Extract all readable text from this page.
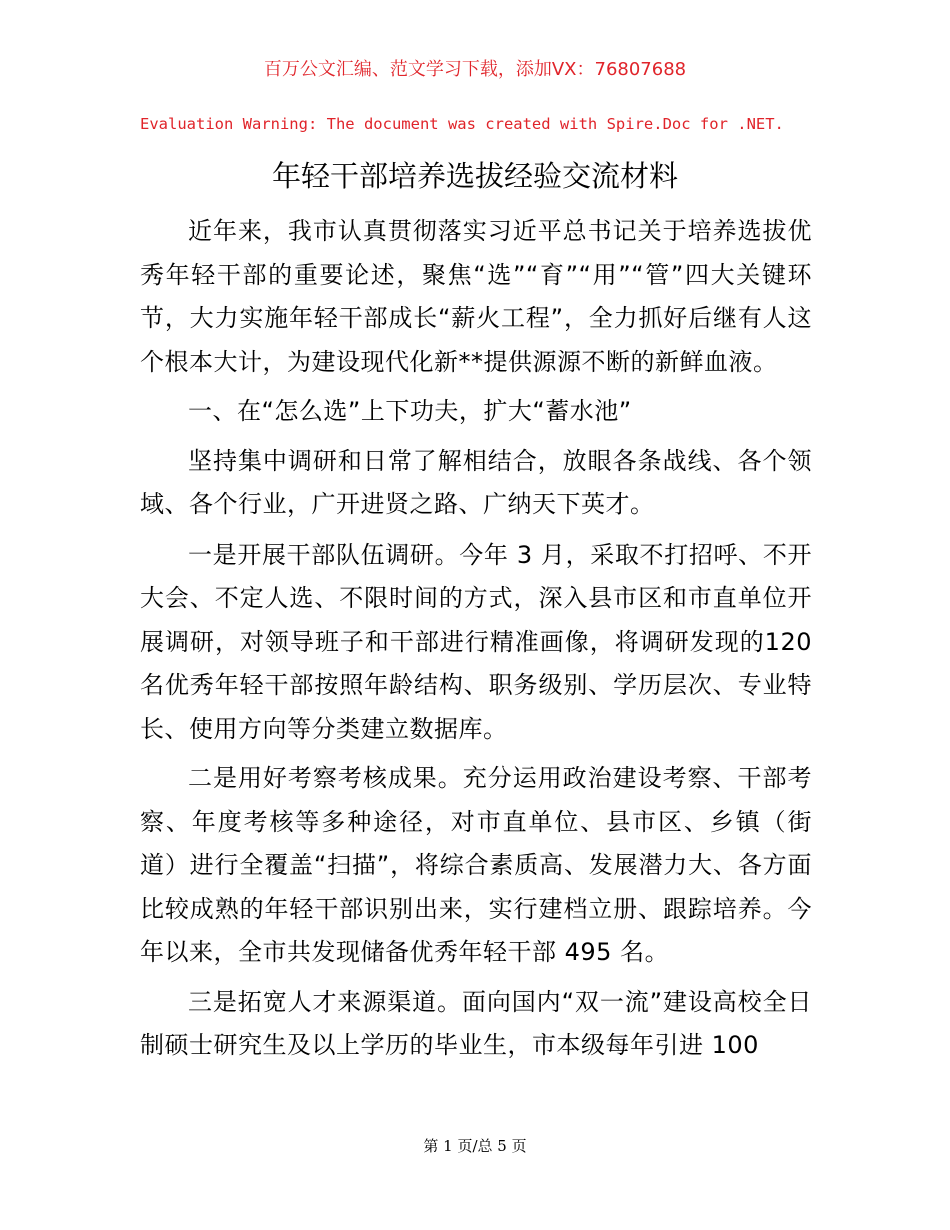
百万公文汇编、范文学习下载，添加VX：76807688
Evaluation Warning: The document was created with Spire.Doc for .NET.
年轻干部培养选拔经验交流材料

近年来，我市认真贯彻落实习近平总书记关于培养选拔优秀年轻干部的重要论述，聚焦“选”“育”“用”“管”四大关键环节，大力实施年轻干部成长“薪火工程”，全力抓好后继有人这个根本大计，为建设现代化新**提供源源不断的新鲜血液。

一、在“怎么选”上下功夫，扩大“蓄水池”

坚持集中调研和日常了解相结合，放眼各条战线、各个领域、各个行业，广开进贤之路、广纳天下英才。

一是开展干部队伍调研。今年 3 月，采取不打招呼、不开大会、不定人选、不限时间的方式，深入县市区和市直单位开展调研，对领导班子和干部进行精准画像，将调研发现的120 名优秀年轻干部按照年龄结构、职务级别、学历层次、专业特长、使用方向等分类建立数据库。

二是用好考察考核成果。充分运用政治建设考察、干部考察、年度考核等多种途径，对市直单位、县市区、乡镇（街道）进行全覆盖“扫描”，将综合素质高、发展潜力大、各方面比较成熟的年轻干部识别出来，实行建档立册、跟踪培养。今年以来，全市共发现储备优秀年轻干部 495 名。

三是拓宽人才来源渠道。面向国内“双一流”建设高校全日制硕士研究生及以上学历的毕业生，市本级每年引进 100

第 1 页/总 5 页
